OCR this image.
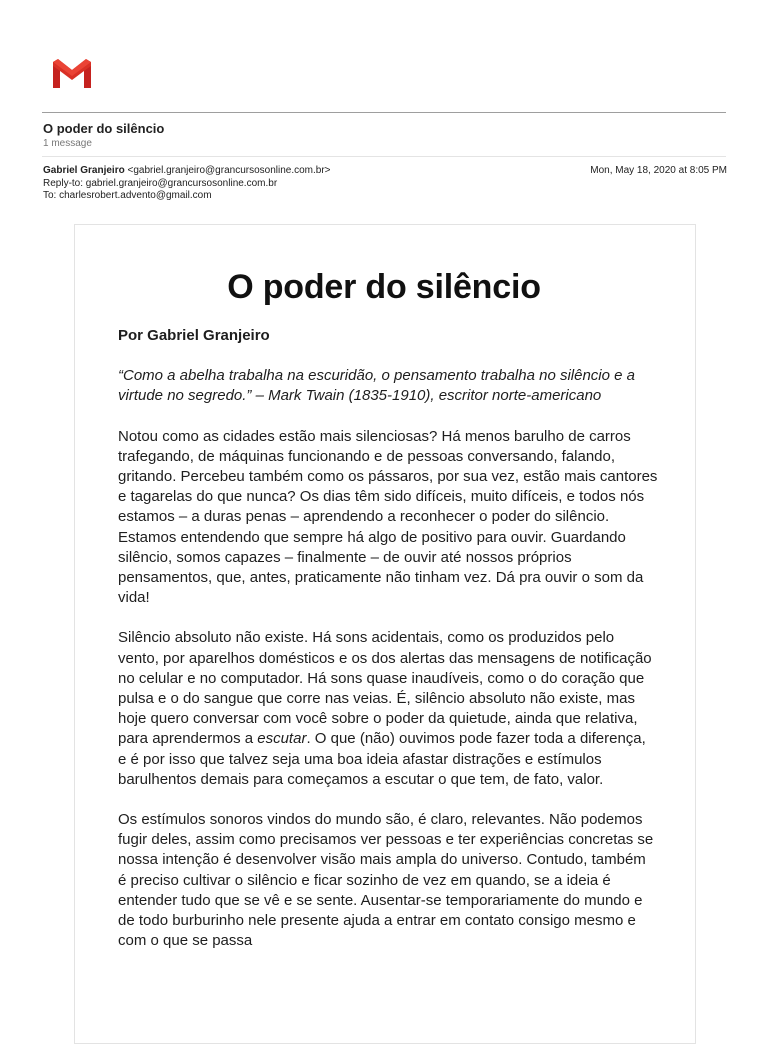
O poder do silêncio
1 message
Gabriel Granjeiro <gabriel.granjeiro@grancursosonline.com.br>
Reply-to: gabriel.granjeiro@grancursosonline.com.br
To: charlesrobert.advento@gmail.com
Mon, May 18, 2020 at 8:05 PM
O poder do silêncio

Por Gabriel Granjeiro

“Como a abelha trabalha na escuridão, o pensamento trabalha no silêncio e a virtude no segredo.” – Mark Twain (1835-1910), escritor norte-americano

Notou como as cidades estão mais silenciosas? Há menos barulho de carros trafegando, de máquinas funcionando e de pessoas conversando, falando, gritando. Percebeu também como os pássaros, por sua vez, estão mais cantores e tagarelas do que nunca? Os dias têm sido difíceis, muito difíceis, e todos nós estamos – a duras penas – aprendendo a reconhecer o poder do silêncio. Estamos entendendo que sempre há algo de positivo para ouvir. Guardando silêncio, somos capazes – finalmente – de ouvir até nossos próprios pensamentos, que, antes, praticamente não tinham vez. Dá pra ouvir o som da vida!

Silêncio absoluto não existe. Há sons acidentais, como os produzidos pelo vento, por aparelhos domésticos e os dos alertas das mensagens de notificação no celular e no computador. Há sons quase inaudíveis, como o do coração que pulsa e o do sangue que corre nas veias. É, silêncio absoluto não existe, mas hoje quero conversar com você sobre o poder da quietude, ainda que relativa, para aprendermos a escutar. O que (não) ouvimos pode fazer toda a diferença, e é por isso que talvez seja uma boa ideia afastar distrações e estímulos barulhentos demais para começamos a escutar o que tem, de fato, valor.

Os estímulos sonoros vindos do mundo são, é claro, relevantes. Não podemos fugir deles, assim como precisamos ver pessoas e ter experiências concretas se nossa intenção é desenvolver visão mais ampla do universo. Contudo, também é preciso cultivar o silêncio e ficar sozinho de vez em quando, se a ideia é entender tudo que se vê e se sente. Ausentar-se temporariamente do mundo e de todo burburinho nele presente ajuda a entrar em contato consigo mesmo e com o que se passa
